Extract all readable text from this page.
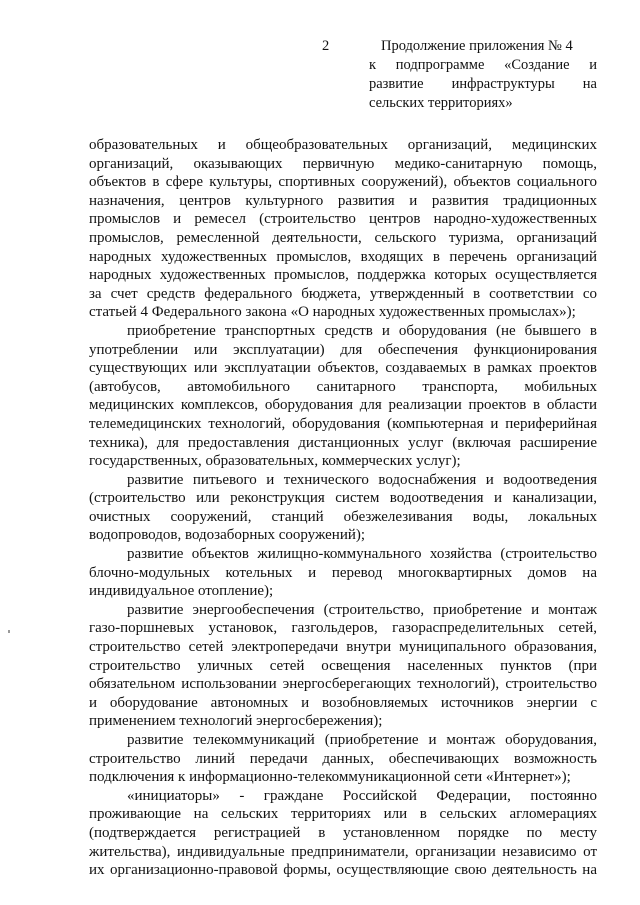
2	Продолжение приложения № 4
к подпрограмме «Создание и
развитие инфраструктуры на
сельских территориях»
образовательных и общеобразовательных организаций, медицинских
организаций, оказывающих первичную медико-санитарную помощь,
объектов в сфере культуры, спортивных сооружений), объектов социального
назначения, центров культурного развития и развития традиционных
промыслов и ремесел (строительство центров народно-художественных
промыслов, ремесленной деятельности, сельского туризма, организаций
народных художественных промыслов, входящих в перечень организаций
народных художественных промыслов, поддержка которых осуществляется
за счет средств федерального бюджета, утвержденный в соответствии со
статьей 4 Федерального закона «О народных художественных промыслах»);
приобретение транспортных средств и оборудования (не бывшего в
употреблении или эксплуатации) для обеспечения функционирования
существующих или эксплуатации объектов, создаваемых в рамках проектов
(автобусов, автомобильного санитарного транспорта, мобильных
медицинских комплексов, оборудования для реализации проектов в области
телемедицинских технологий, оборудования (компьютерная и периферийная
техника), для предоставления дистанционных услуг (включая расширение
государственных, образовательных, коммерческих услуг);
развитие питьевого и технического водоснабжения и водоотведения
(строительство или реконструкция систем водоотведения и канализации,
очистных сооружений, станций обезжелезивания воды, локальных
водопроводов, водозаборных сооружений);
развитие объектов жилищно-коммунального хозяйства (строительство
блочно-модульных котельных и перевод многоквартирных домов на
индивидуальное отопление);
развитие энергообеспечения (строительство, приобретение и монтаж
газо-поршневых установок, газгольдеров, газораспределительных сетей,
строительство сетей электропередачи внутри муниципального образования,
строительство уличных сетей освещения населенных пунктов (при
обязательном использовании энергосберегающих технологий), строительство
и оборудование автономных и возобновляемых источников энергии с
применением технологий энергосбережения);
развитие телекоммуникаций (приобретение и монтаж оборудования,
строительство линий передачи данных, обеспечивающих возможность
подключения к информационно-телекоммуникационной сети «Интернет»);
«инициаторы» - граждане Российской Федерации, постоянно
проживающие на сельских территориях или в сельских агломерациях
(подтверждается регистрацией в установленном порядке по месту
жительства), индивидуальные предприниматели, организации независимо от
их организационно-правовой формы, осуществляющие свою деятельность на
